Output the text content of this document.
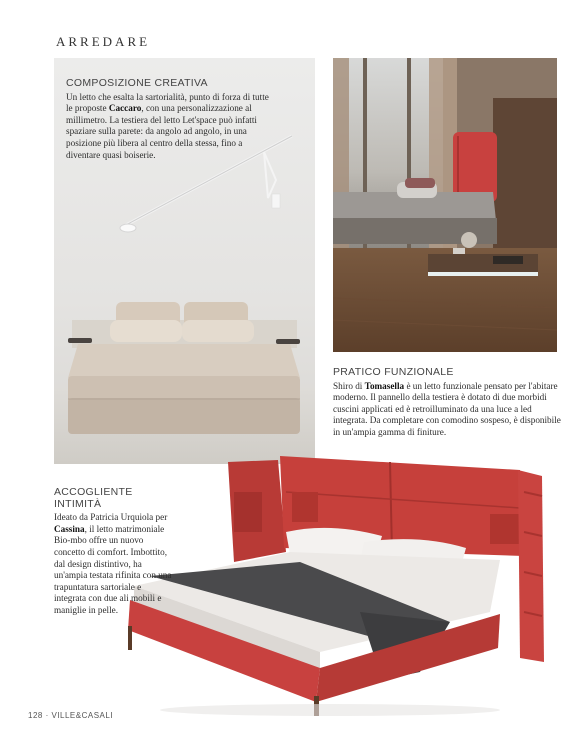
ARREDARE
COMPOSIZIONE CREATIVA
Un letto che esalta la sartorialità, punto di forza di tutte le proposte Caccaro, con una personalizzazione al millimetro. La testiera del letto Let'space può infatti spaziare sulla parete: da angolo ad angolo, in una posizione più libera al centro della stessa, fino a diventare quasi boiserie.
PRATICO FUNZIONALE
Shiro di Tomasella è un letto funzionale pensato per l'abitare moderno. Il pannello della testiera è dotato di due morbidi cuscini applicati ed è retroilluminato da una luce a led integrata. Da completare con comodino sospeso, è disponibile in un'ampia gamma di finiture.
ACCOGLIENTE INTIMITÀ
Ideato da Patricia Urquiola per Cassina, il letto matrimoniale Bio-mbo offre un nuovo concetto di comfort. Imbottito, dal design distintivo, ha un'ampia testata rifinita con una trapuntatura sartoriale e integrata con due ali mobili e maniglie in pelle.
128 · VILLE&CASALI
